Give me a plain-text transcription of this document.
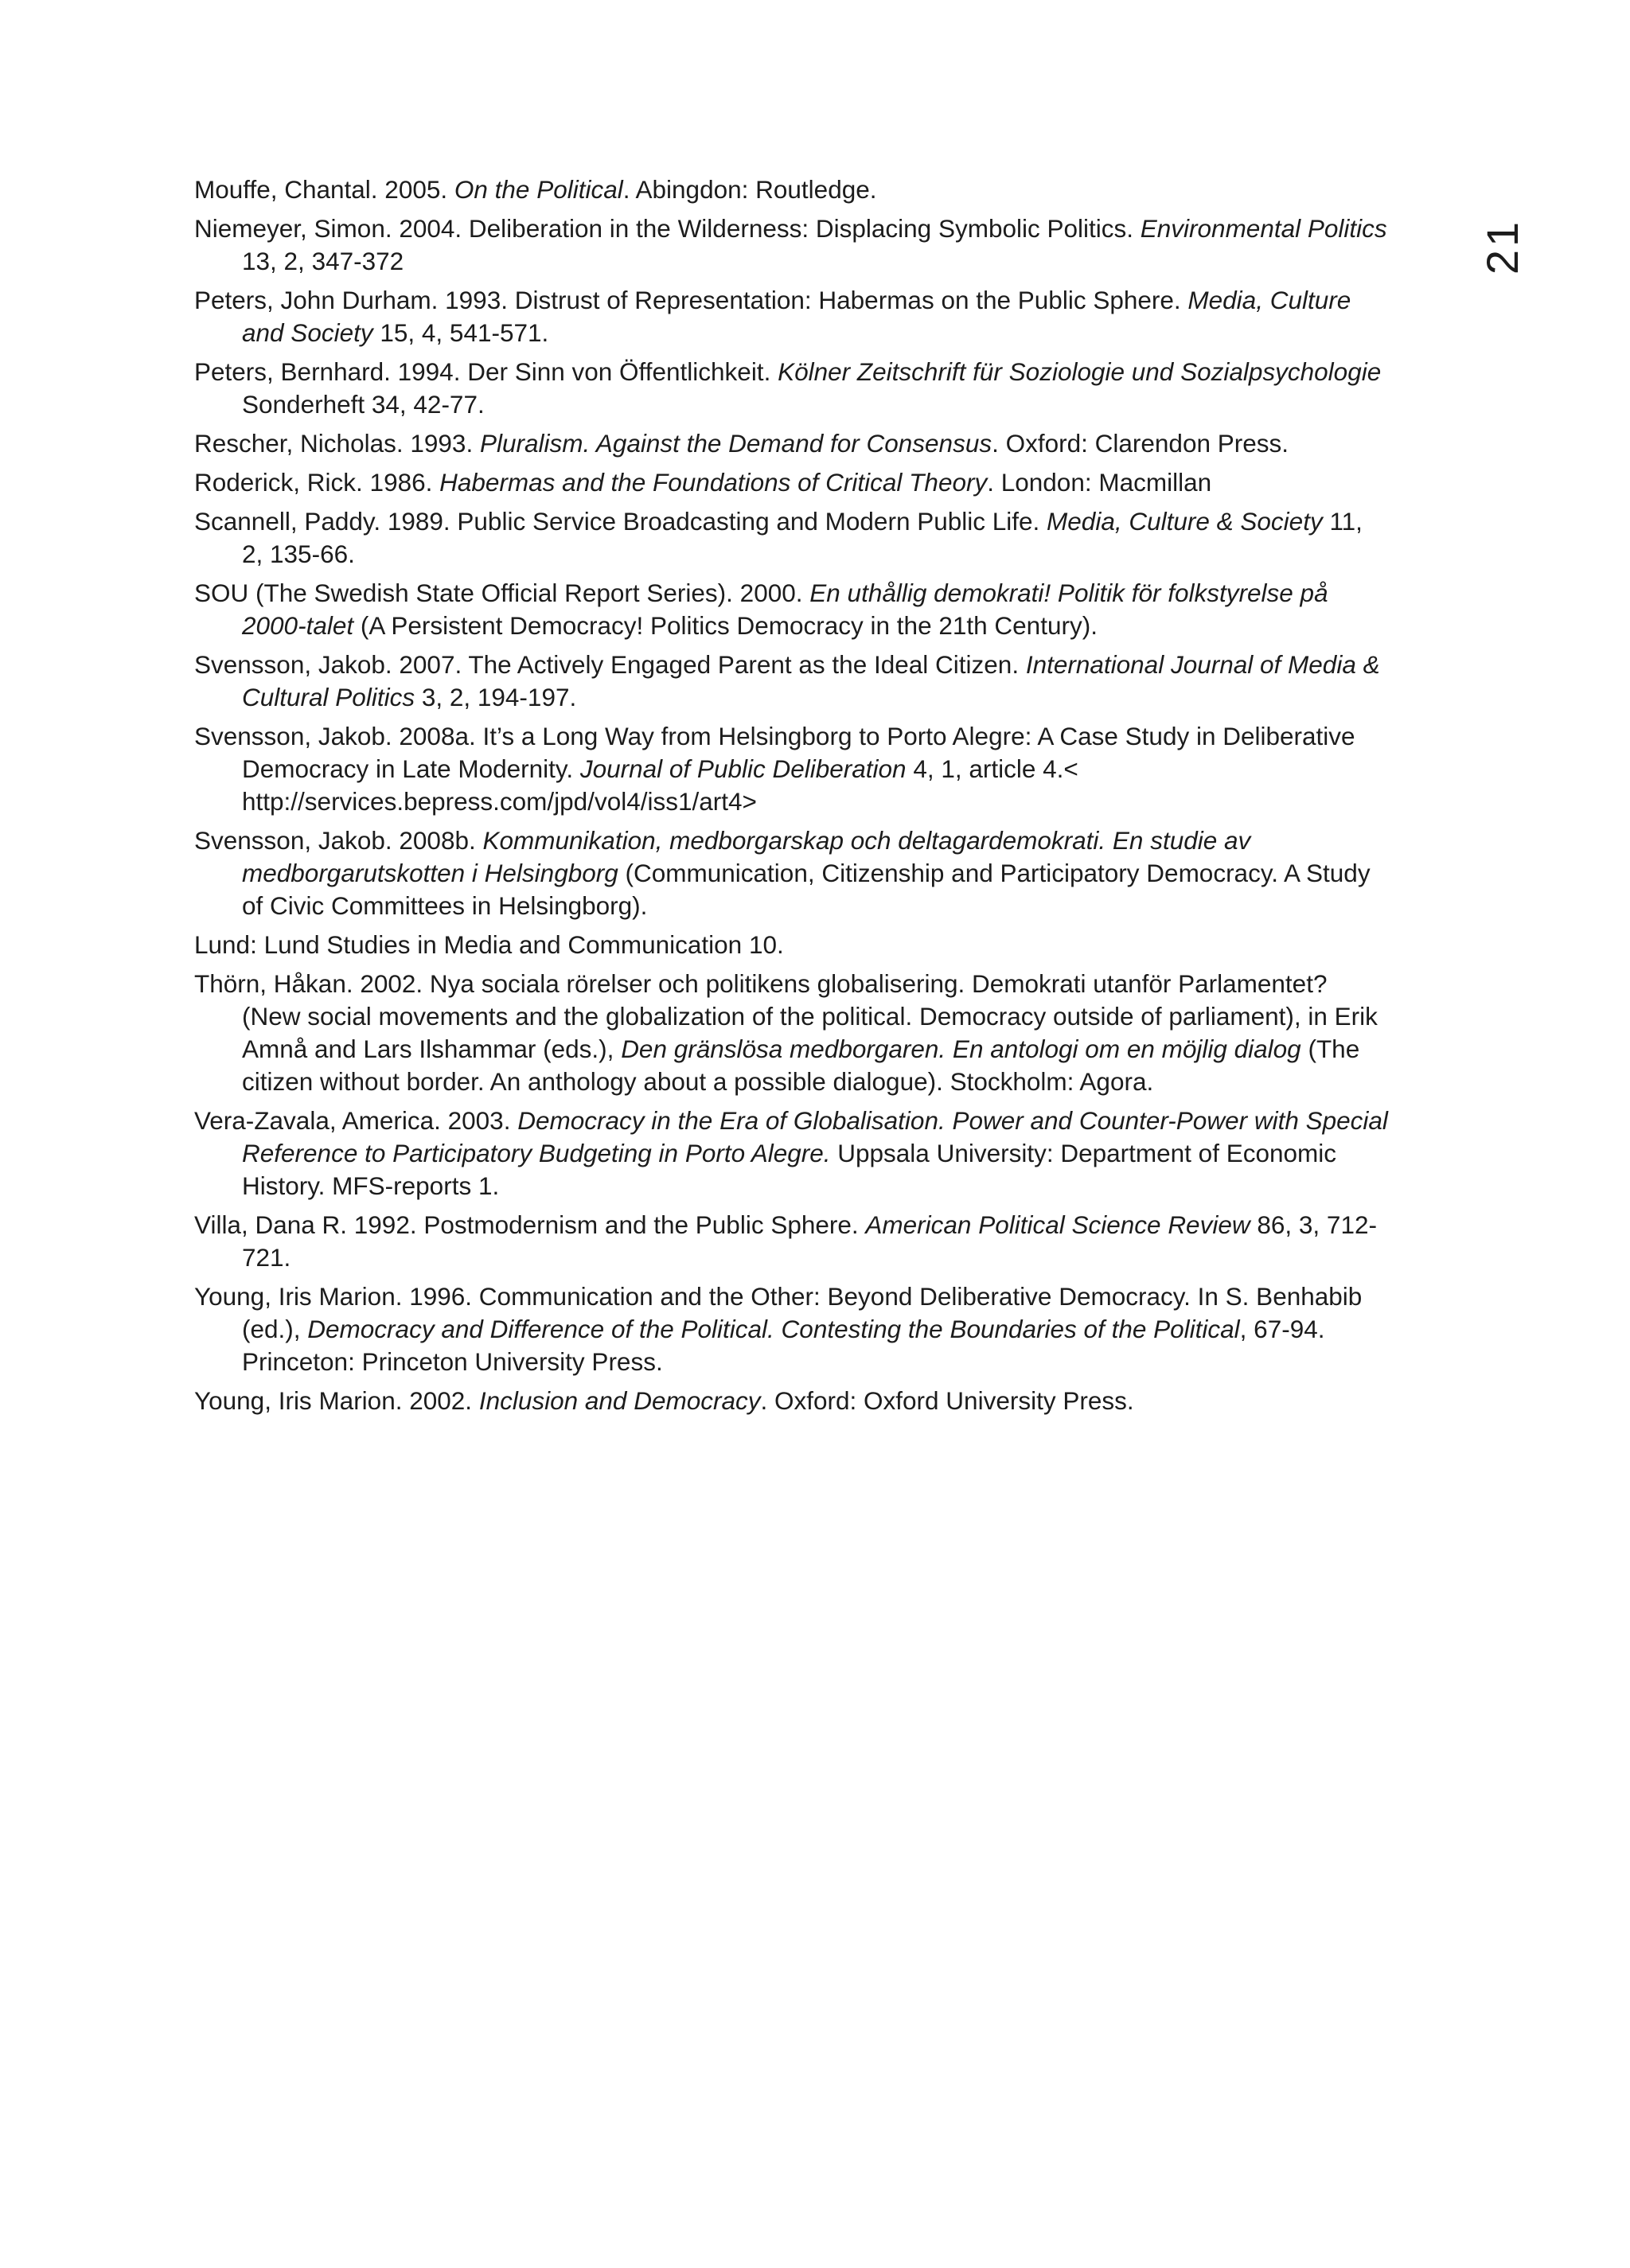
21

Mouffe, Chantal. 2005. On the Political. Abingdon: Routledge.

Niemeyer, Simon. 2004. Deliberation in the Wilderness: Displacing Symbolic Politics. Environmental Politics 13, 2, 347-372

Peters, John Durham. 1993. Distrust of Representation: Habermas on the Public Sphere. Media, Culture and Society 15, 4, 541-571.

Peters, Bernhard. 1994. Der Sinn von Öffentlichkeit. Kölner Zeitschrift für Soziologie und Sozialpsychologie Sonderheft 34, 42-77.

Rescher, Nicholas. 1993. Pluralism. Against the Demand for Consensus. Oxford: Clarendon Press.

Roderick, Rick. 1986. Habermas and the Foundations of Critical Theory. London: Macmillan

Scannell, Paddy. 1989. Public Service Broadcasting and Modern Public Life. Media, Culture & Society 11, 2, 135-66.

SOU (The Swedish State Official Report Series). 2000. En uthållig demokrati! Politik för folkstyrelse på 2000-talet (A Persistent Democracy! Politics Democracy in the 21th Century).

Svensson, Jakob. 2007. The Actively Engaged Parent as the Ideal Citizen. International Journal of Media & Cultural Politics 3, 2, 194-197.

Svensson, Jakob. 2008a. It’s a Long Way from Helsingborg to Porto Alegre: A Case Study in Deliberative Democracy in Late Modernity. Journal of Public Deliberation 4, 1, article 4.< http://services.bepress.com/jpd/vol4/iss1/art4>

Svensson, Jakob. 2008b. Kommunikation, medborgarskap och deltagardemokrati. En studie av medborgarutskotten i Helsingborg (Communication, Citizenship and Participatory Democracy. A Study of Civic Committees in Helsingborg).

Lund: Lund Studies in Media and Communication 10.

Thörn, Håkan. 2002. Nya sociala rörelser och politikens globalisering. Demokrati utanför Parlamentet? (New social movements and the globalization of the political. Democracy outside of parliament), in Erik Amnå and Lars Ilshammar (eds.), Den gränslösa medborgaren. En antologi om en möjlig dialog (The citizen without border. An anthology about a possible dialogue). Stockholm: Agora.

Vera-Zavala, America. 2003. Democracy in the Era of Globalisation. Power and Counter-Power with Special Reference to Participatory Budgeting in Porto Alegre. Uppsala University: Department of Economic History. MFS-reports 1.

Villa, Dana R. 1992. Postmodernism and the Public Sphere. American Political Science Review 86, 3, 712-721.

Young, Iris Marion. 1996. Communication and the Other: Beyond Deliberative Democracy. In S. Benhabib (ed.), Democracy and Difference of the Political. Contesting the Boundaries of the Political, 67-94. Princeton: Princeton University Press.

Young, Iris Marion. 2002. Inclusion and Democracy. Oxford: Oxford University Press.
